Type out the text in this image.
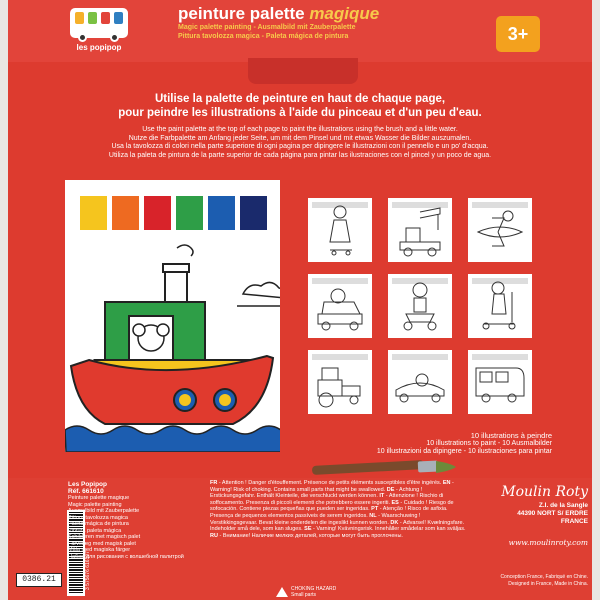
les popipop
peinture palette magique
Magic palette painting - Ausmalbild mit Zauberpalette
Pittura tavolozza magica - Paleta mágica de pintura	3+
Utilise la palette de peinture en haut de chaque page,
pour peindre les illustrations à l'aide du pinceau et d'un peu d'eau.
Use the paint palette at the top of each page to paint the illustrations using the brush and a little water.
Nutze die Farbpalette am Anfang jeder Seite, um mit dem Pinsel und mit etwas Wasser die Bilder auszumalen.
Usa la tavolozza di colori nella parte superiore di ogni pagina per dipingere le illustrazioni con il pennello e un po' d'acqua.
Utiliza la paleta de pintura de la parte superior de cada página para pintar las ilustraciones con el pincel y un poco de agua.
10 illustrations à peindre
10 illustrations to paint - 10 Ausmalbilder
10 illustrazioni da dipingere - 10 ilustraciones para pintar
3 575676 616107
Les Popipop
Réf. 661610
Peinture palette magique
Magic palette painting
Ausmalbild mit Zauberpalette
Pittura tavolozza magica
Paleta mágica de pintura
Pintura paleta mágica
Schilderen met magisch palet
Farvelæg med magisk palet
Måla med magiska färger
Набор для рисования с волшебной палитрой
FR - Attention ! Danger d'étouffement. Présence de petits éléments susceptibles d'être ingérés. EN - Warning! Risk of choking. Contains small parts that might be swallowed. DE - Achtung ! Erstickungsgefahr. Enthält Kleinteile, die verschluckt werden können. IT - Attenzione ! Rischio di soffocamento. Presenza di piccoli elementi che potrebbero essere ingeriti. ES - Cuidado ! Riesgo de sofocación. Contiene piezas pequeñas que pueden ser ingeridas. PT - Atenção ! Risco de asfixia. Presença de pequenos elementos passíveis de serem ingeridos. NL - Waarschuwing ! Verstikkingsgevaar. Bevat kleine onderdelen die ingeslikt kunnen worden. DK - Advarsel! Kvælningsfare. Indeholder små dele, som kan sluges. SE - Varning! Kvävningsrisk. Innehåller smådelar som kan sväljas. RU - Внимание! Наличие мелких деталей, которые могут быть проглочены.
CHOKING HAZARD
Small parts
Moulin Roty
Z.I. de la Sangle
44390 NORT S/ ERDRE
FRANCE
www.moulinroty.com
Conception France, Fabriqué en Chine.
Designed in France, Made in China.
0386.21
